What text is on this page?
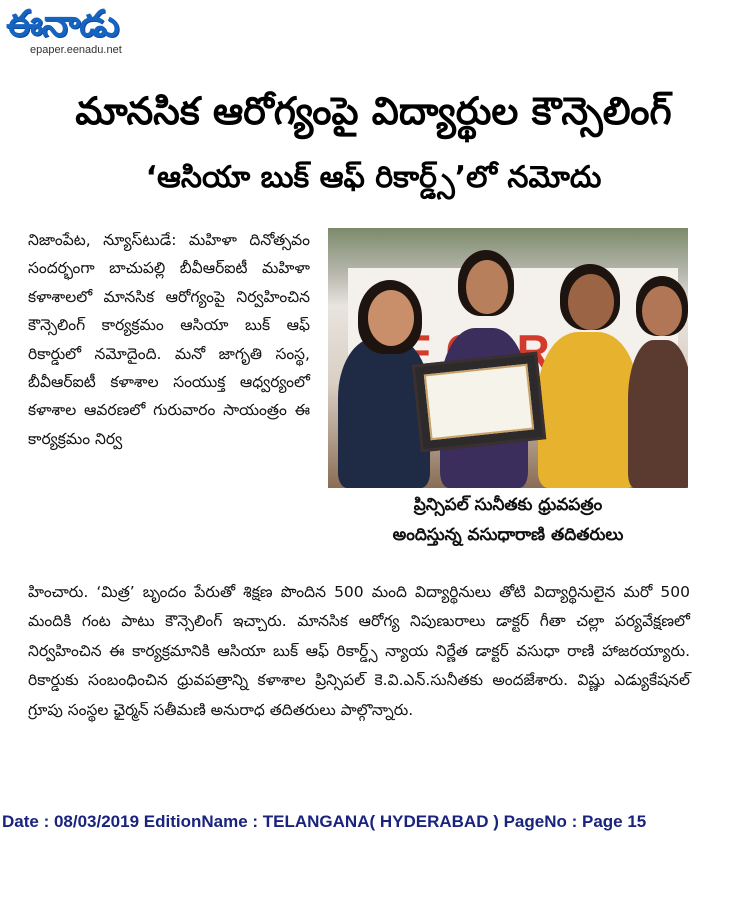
ఈనాడు
epaper.eenadu.net
మానసిక ఆరోగ్యంపై విద్యార్థుల కౌన్సెలింగ్
‘ఆసియా బుక్ ఆఫ్ రికార్డ్స్’లో నమోదు

నిజాంపేట, న్యూస్‌టుడే: మహిళా దినోత్సవం సందర్భంగా బాచుపల్లి బీవీఆర్ఐటీ మహిళా కళాశాలలో మానసిక ఆరోగ్యంపై నిర్వహించిన కౌన్సెలింగ్ కార్యక్రమం ఆసియా బుక్ ఆఫ్ రికార్డులో నమోదైంది. మనో జాగృతి సంస్థ, బీవీఆర్ఐటీ కళాశాల సంయుక్త ఆధ్వర్యంలో కళాశాల ఆవరణలో గురువారం సాయంత్రం ఈ కార్యక్రమం నిర్వ

ప్రిన్సిపల్ సునీతకు ధ్రువపత్రం
అందిస్తున్న వసుధారాణి తదితరులు

హించారు. ‘మిత్ర’ బృందం పేరుతో శిక్షణ పొందిన 500 మంది విద్యార్థినులు తోటి విద్యార్థినులైన మరో 500 మందికి గంట పాటు కౌన్సెలింగ్ ఇచ్చారు. మానసిక ఆరోగ్య నిపుణురాలు డాక్టర్ గీతా చల్లా పర్యవేక్షణలో నిర్వహించిన ఈ కార్యక్రమానికి ఆసియా బుక్ ఆఫ్ రికార్డ్స్ న్యాయ నిర్ణేత డాక్టర్ వసుధా రాణి హాజరయ్యారు. రికార్డుకు సంబంధించిన ధ్రువపత్రాన్ని కళాశాల ప్రిన్సిపల్ కె.వి.ఎన్.సునీతకు అందజేశారు. విష్ణు ఎడ్యుకేషనల్ గ్రూపు సంస్థల ఛైర్మన్ సతీమణి అనురాధ తదితరులు పాల్గొన్నారు.

Date : 08/03/2019 EditionName : TELANGANA( HYDERABAD ) PageNo : Page 15
